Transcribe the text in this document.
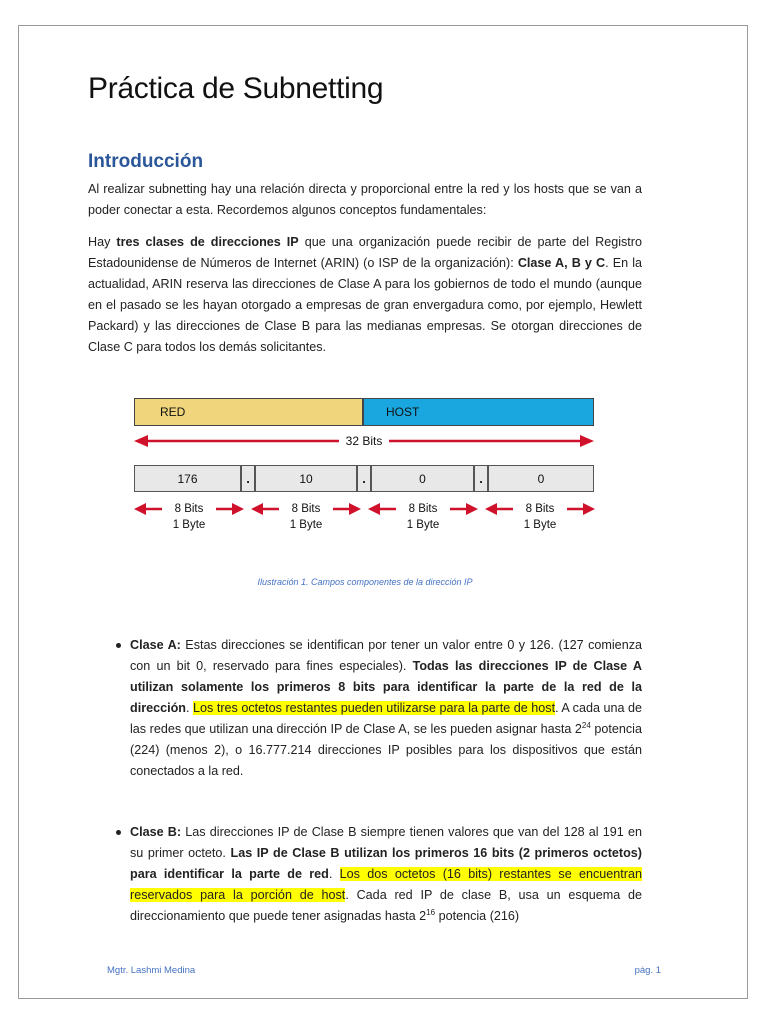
Práctica de Subnetting
Introducción

Al realizar subnetting hay una relación directa y proporcional entre la red y los hosts que se van a poder conectar a esta. Recordemos algunos conceptos fundamentales:

Hay tres clases de direcciones IP que una organización puede recibir de parte del Registro Estadounidense de Números de Internet (ARIN) (o ISP de la organización): Clase A, B y C. En la actualidad, ARIN reserva las direcciones de Clase A para los gobiernos de todo el mundo (aunque en el pasado se les hayan otorgado a empresas de gran envergadura como, por ejemplo, Hewlett Packard) y las direcciones de Clase B para las medianas empresas. Se otorgan direcciones de Clase C para todos los demás solicitantes.

RED	HOST
32 Bits
176	.	10	.	0	.	0
8 Bits
1 Byte
8 Bits
1 Byte
8 Bits
1 Byte
8 Bits
1 Byte

Ilustración 1. Campos componentes de la dirección IP

Clase A: Estas direcciones se identifican por tener un valor entre 0 y 126. (127 comienza con un bit 0, reservado para fines especiales). Todas las direcciones IP de Clase A utilizan solamente los primeros 8 bits para identificar la parte de la red de la dirección. Los tres octetos restantes pueden utilizarse para la parte de host. A cada una de las redes que utilizan una dirección IP de Clase A, se les pueden asignar hasta $2^{24}$ potencia (224) (menos 2), o 16.777.214 direcciones IP posibles para los dispositivos que están conectados a la red.

Clase B: Las direcciones IP de Clase B siempre tienen valores que van del 128 al 191 en su primer octeto. Las IP de Clase B utilizan los primeros 16 bits (2 primeros octetos) para identificar la parte de red. Los dos octetos (16 bits) restantes se encuentran reservados para la porción de host. Cada red IP de clase B, usa un esquema de direccionamiento que puede tener asignadas hasta $2^{16}$ potencia (216)

Mgtr. Lashmi Medina	pág. 1
